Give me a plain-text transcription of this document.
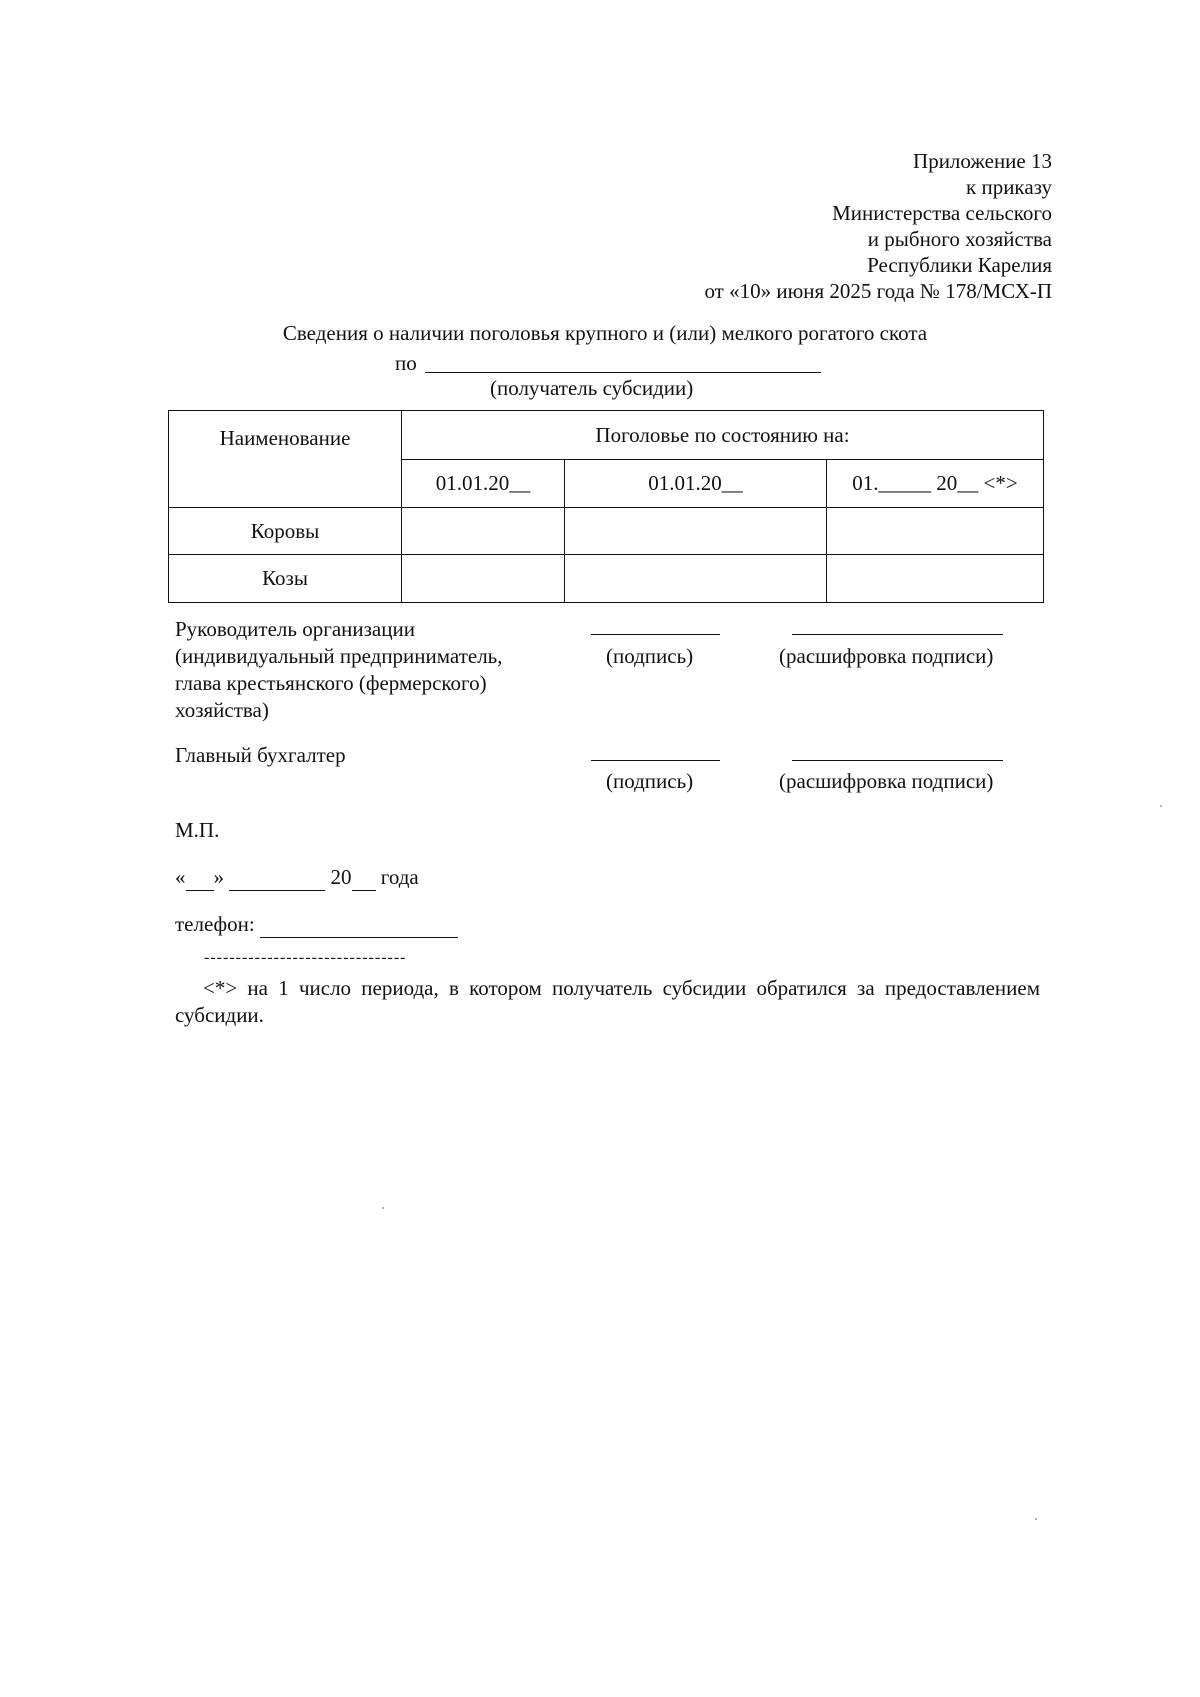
Приложение 13
к приказу
Министерства сельского
и рыбного хозяйства
Республики Карелия
от «10» июня 2025 года № 178/МСХ-П
Сведения о наличии поголовья крупного и (или) мелкого рогатого скота
по
(получатель субсидии)
Наименование	Поголовье по состоянию на:		
	01.01.20__	01.01.20__	01._____ 20__ <*>
Коровы			
Козы			
Руководитель организации
(индивидуальный предприниматель,
глава крестьянского (фермерского)
хозяйства)
(подпись)	(расшифровка подписи)
Главный бухгалтер
(подпись)	(расшифровка подписи)
М.П.
« »	20  года
телефон:
--------------------------------
<*> на 1 число периода, в котором получатель субсидии обратился за предоставлением субсидии.
